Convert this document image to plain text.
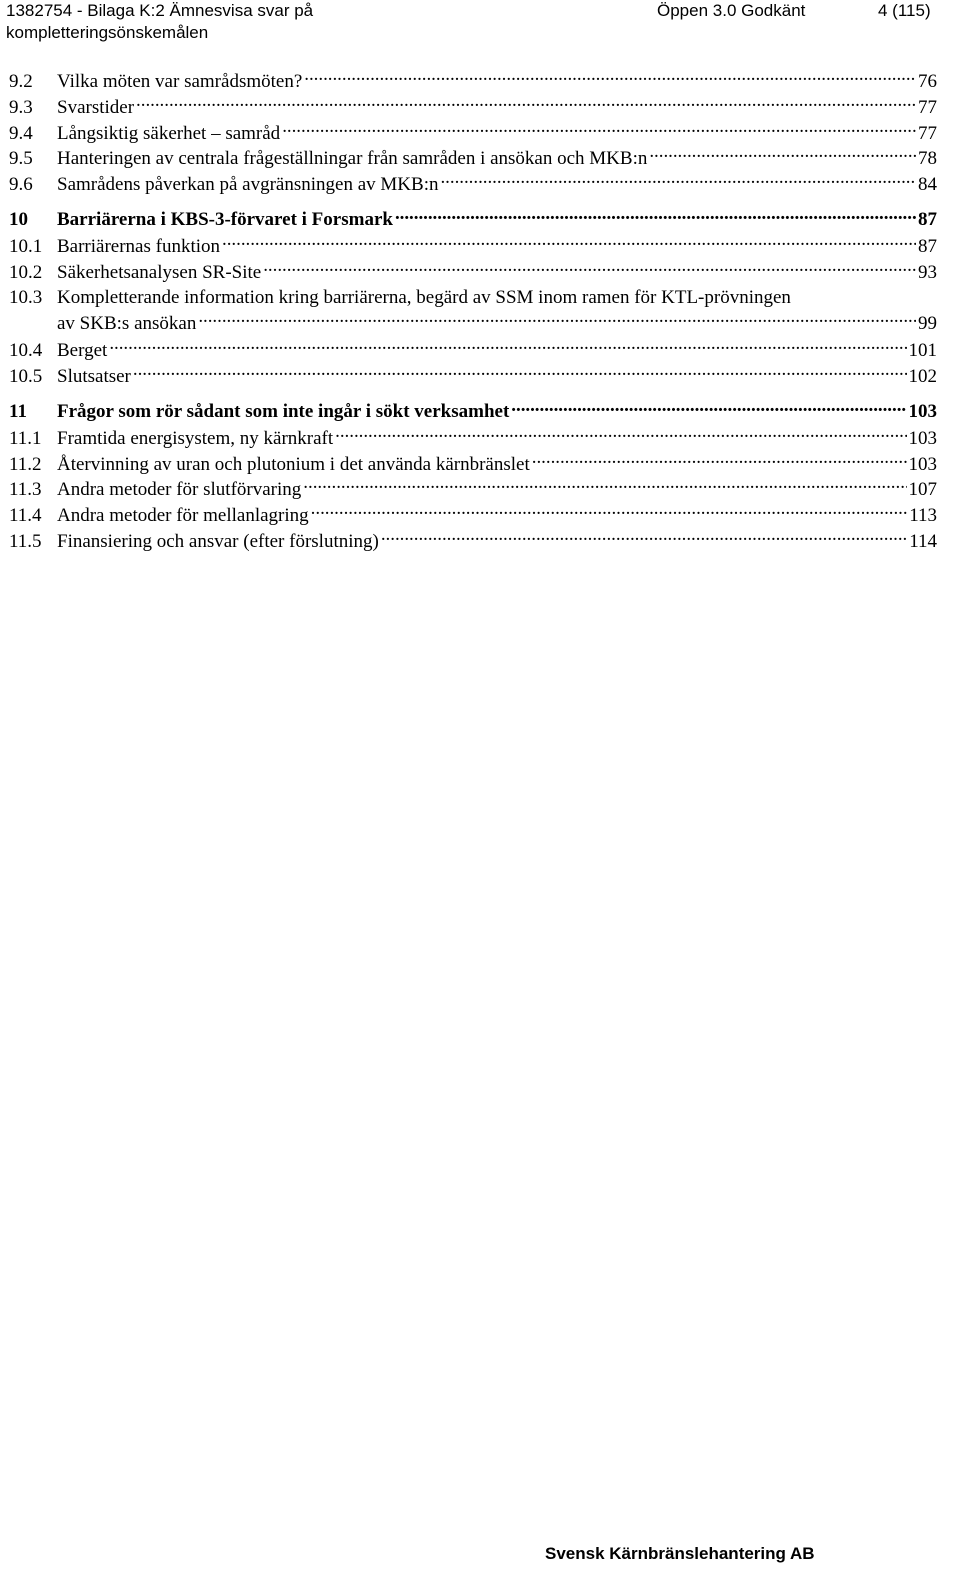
1382754 - Bilaga K:2 Ämnesvisa svar på
kompletteringsönskemålen
Öppen 3.0 Godkänt	4 (115)
9.2	Vilka möten var samrådsmöten? . . .	76
9.3	Svarstider . . .	77
9.4	Långsiktig säkerhet – samråd . . .	77
9.5	Hanteringen av centrala frågeställningar från samråden i ansökan och MKB:n . . .	78
9.6	Samrådens påverkan på avgränsningen av MKB:n . . .	84
10	Barriärerna i KBS-3-förvaret i Forsmark . . .	87
10.1 Barriärernas funktion . . .	87
10.2 Säkerhetsanalysen SR-Site . . .	93
10.3 Kompletterande information kring barriärerna, begärd av SSM inom ramen för KTL-prövningen
av SKB:s ansökan . . .	99
10.4 Berget . . .	101
10.5 Slutsatser . . .	102
11	Frågor som rör sådant som inte ingår i sökt verksamhet . . .	103
11.1 Framtida energisystem, ny kärnkraft . . .	103
11.2 Återvinning av uran och plutonium i det använda kärnbränslet . . .	103
11.3 Andra metoder för slutförvaring . . .	107
11.4 Andra metoder för mellanlagring . . .	113
11.5 Finansiering och ansvar (efter förslutning) . . .	114
Svensk Kärnbränslehantering AB
